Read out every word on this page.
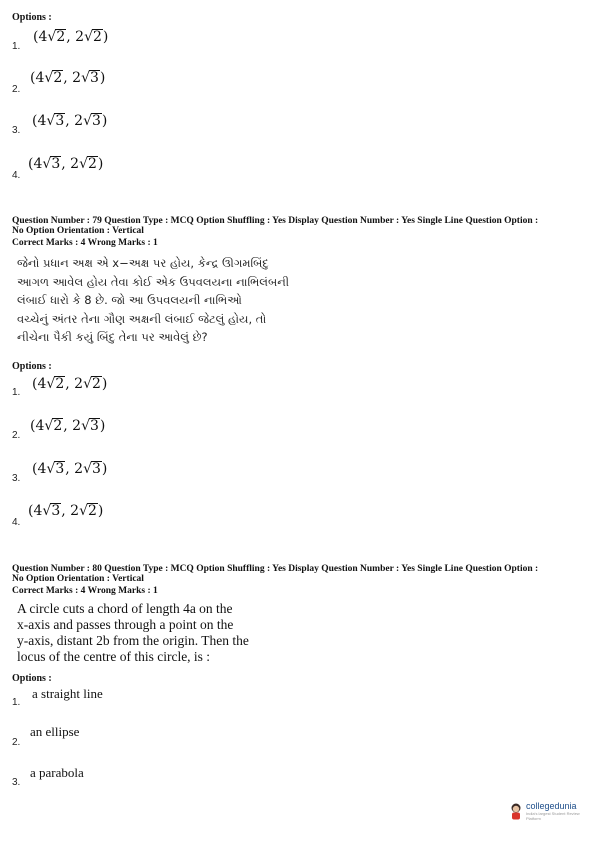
Options :
1.
(4√2, 2√2)
2.
(4√2, 2√3)
3.
(4√3, 2√3)
4.
(4√3, 2√2)
Question Number : 79 Question Type : MCQ Option Shuffling : Yes Display Question Number : Yes Single Line Question Option :
No Option Orientation : Vertical
Correct Marks : 4 Wrong Marks : 1
જેનો પ્રધાન અક્ષ એ x−અક્ષ પર હોય, કેન્દ્ર ઊગમબિંદુ
આગળ આવેલ હોય તેવા કોઈ એક ઉપવલયના નાભિલંબની
લંબાઈ ધારો કે 8 છે. જો આ ઉપવલયની નાભિઓ
વચ્ચેનું અંતર તેના ગૌણ અક્ષની લંબાઈ જેટલું હોય, તો
નીચેના પૈકી કયું બિંદુ તેના પર આવેલું છે?
Options :
1.
(4√2, 2√2)
2.
(4√2, 2√3)
3.
(4√3, 2√3)
4.
(4√3, 2√2)
Question Number : 80 Question Type : MCQ Option Shuffling : Yes Display Question Number : Yes Single Line Question Option :
No Option Orientation : Vertical
Correct Marks : 4 Wrong Marks : 1
A circle cuts a chord of length 4a on the
x-axis and passes through a point on the
y-axis, distant 2b from the origin. Then the
locus of the centre of this circle, is :
Options :
1.
a straight line
2.
an ellipse
3.
a parabola
collegedunia
India's largest Student Review Platform
